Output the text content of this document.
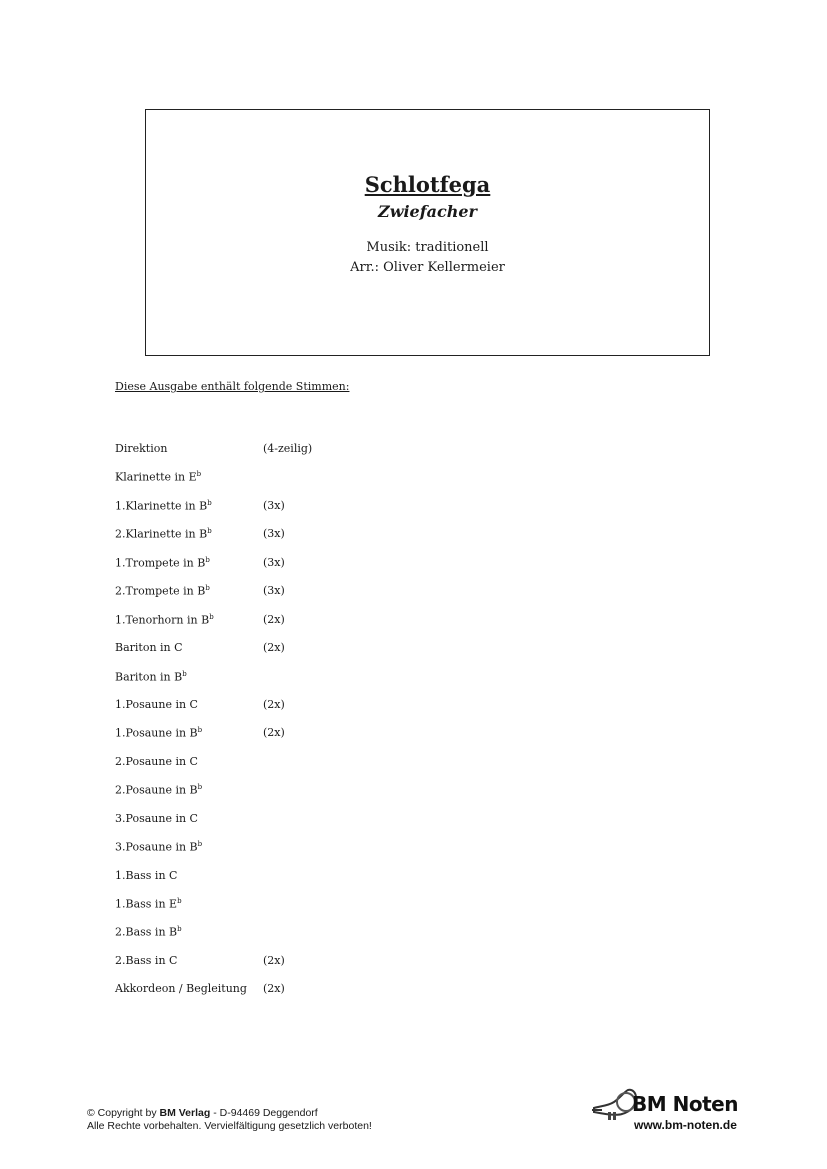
Schlotfega
Zwiefacher
Musik: traditionell
Arr.: Oliver Kellermeier
Diese Ausgabe enthält folgende Stimmen:
Direktion	(4-zeilig)
Klarinette in $E^b$
1.Klarinette in $B^b$	(3x)
2.Klarinette in $B^b$	(3x)
1.Trompete in $B^b$	(3x)
2.Trompete in $B^b$	(3x)
1.Tenorhorn in $B^b$	(2x)
Bariton in C	(2x)
Bariton in $B^b$
1.Posaune in C	(2x)
1.Posaune in $B^b$	(2x)
2.Posaune in C
2.Posaune in $B^b$
3.Posaune in C
3.Posaune in $B^b$
1.Bass in C
1.Bass in $E^b$
2.Bass in $B^b$
2.Bass in C	(2x)
Akkordeon / Begleitung (2x)
© Copyright by BM Verlag - D-94469 Deggendorf
Alle Rechte vorbehalten. Vervielfältigung gesetzlich verboten!
BM Noten
www.bm-noten.de
